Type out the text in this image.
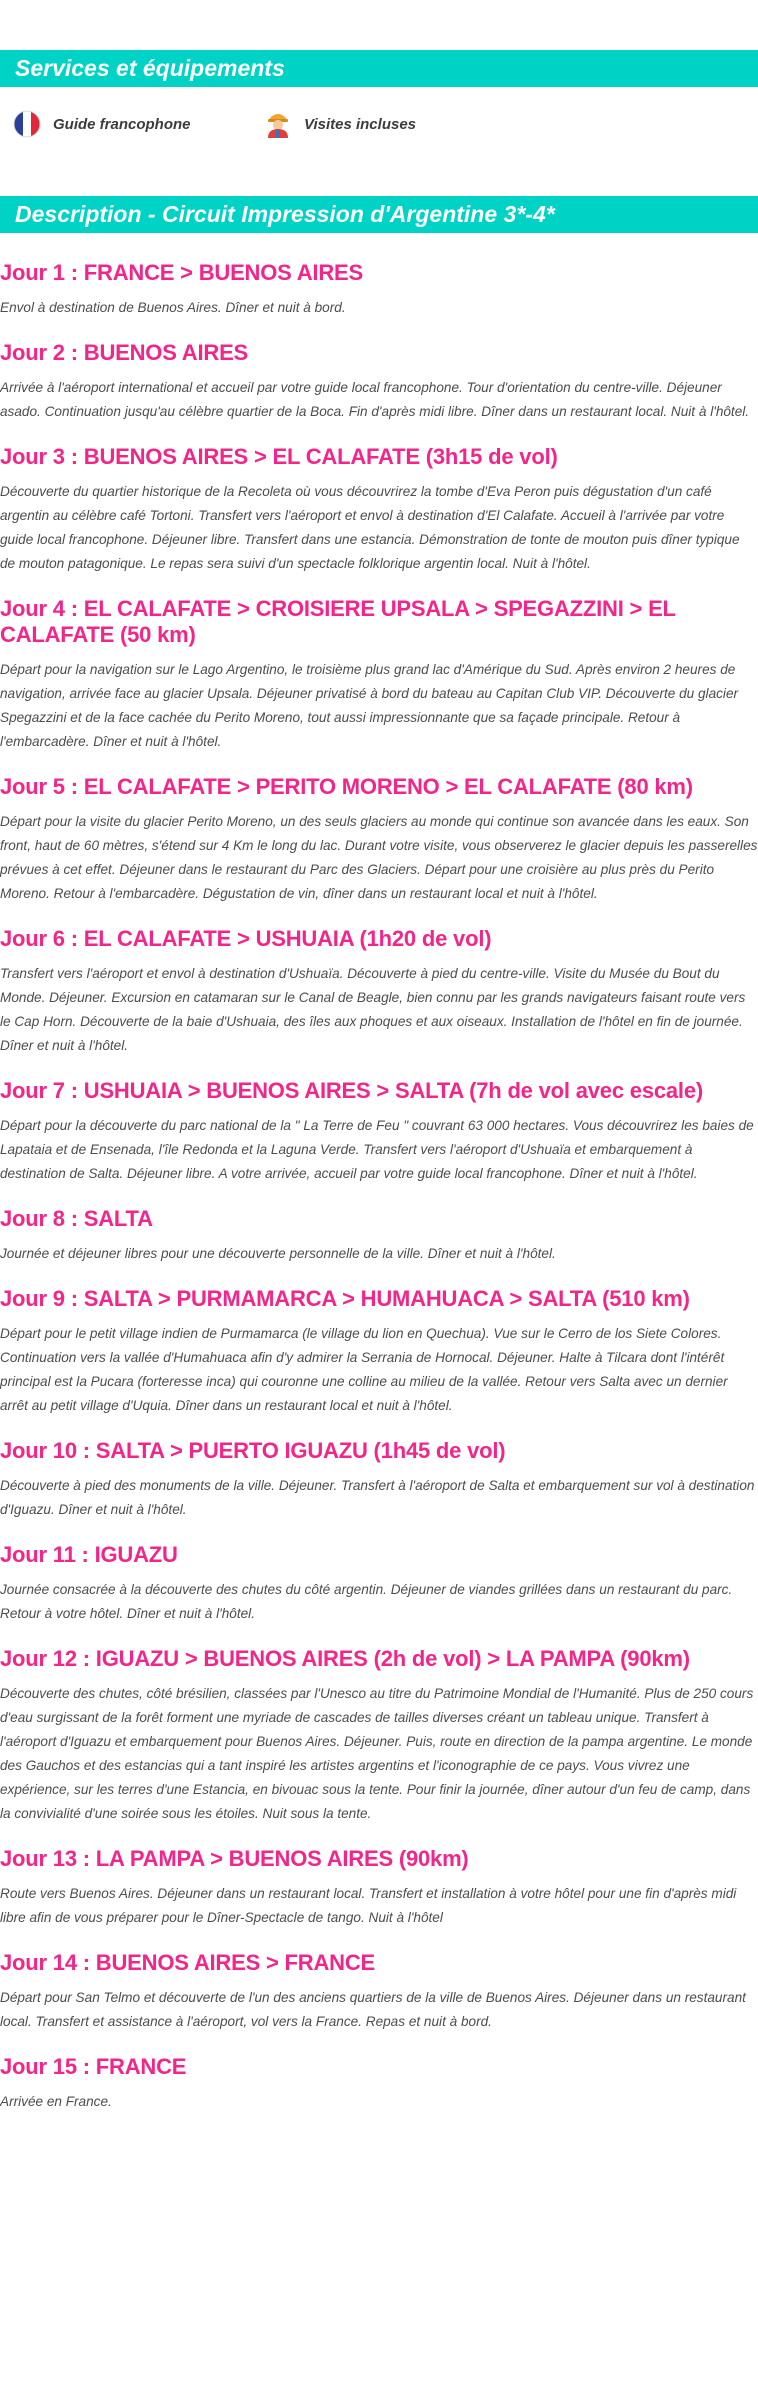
Services et équipements
Guide francophone	Visites incluses
Description - Circuit Impression d'Argentine 3*-4*
Jour 1 : FRANCE > BUENOS AIRES

Envol à destination de Buenos Aires. Dîner et nuit à bord.

Jour 2 : BUENOS AIRES

Arrivée à l'aéroport international et accueil par votre guide local francophone. Tour d'orientation du centre-ville. Déjeuner asado. Continuation jusqu'au célèbre quartier de la Boca. Fin d'après midi libre. Dîner dans un restaurant local. Nuit à l'hôtel.

Jour 3 : BUENOS AIRES > EL CALAFATE (3h15 de vol)

Découverte du quartier historique de la Recoleta où vous découvrirez la tombe d'Eva Peron puis dégustation d'un café argentin au célèbre café Tortoni. Transfert vers l'aéroport et envol à destination d'El Calafate. Accueil à l'arrivée par votre guide local francophone. Déjeuner libre. Transfert dans une estancia. Démonstration de tonte de mouton puis dîner typique de mouton patagonique. Le repas sera suivi d'un spectacle folklorique argentin local. Nuit à l'hôtel.

Jour 4 : EL CALAFATE > CROISIERE UPSALA > SPEGAZZINI > EL CALAFATE (50 km)

Départ pour la navigation sur le Lago Argentino, le troisième plus grand lac d'Amérique du Sud. Après environ 2 heures de navigation, arrivée face au glacier Upsala. Déjeuner privatisé à bord du bateau au Capitan Club VIP. Découverte du glacier Spegazzini et de la face cachée du Perito Moreno, tout aussi impressionnante que sa façade principale. Retour à l'embarcadère. Dîner et nuit à l'hôtel.

Jour 5 : EL CALAFATE > PERITO MORENO > EL CALAFATE (80 km)

Départ pour la visite du glacier Perito Moreno, un des seuls glaciers au monde qui continue son avancée dans les eaux. Son front, haut de 60 mètres, s'étend sur 4 Km le long du lac. Durant votre visite, vous observerez le glacier depuis les passerelles prévues à cet effet. Déjeuner dans le restaurant du Parc des Glaciers. Départ pour une croisière au plus près du Perito Moreno. Retour à l'embarcadère. Dégustation de vin, dîner dans un restaurant local et nuit à l'hôtel.

Jour 6 : EL CALAFATE > USHUAIA (1h20 de vol)

Transfert vers l'aéroport et envol à destination d'Ushuaïa. Découverte à pied du centre-ville. Visite du Musée du Bout du Monde. Déjeuner. Excursion en catamaran sur le Canal de Beagle, bien connu par les grands navigateurs faisant route vers le Cap Horn. Découverte de la baie d'Ushuaia, des îles aux phoques et aux oiseaux. Installation de l'hôtel en fin de journée. Dîner et nuit à l'hôtel.

Jour 7 : USHUAIA > BUENOS AIRES > SALTA (7h de vol avec escale)

Départ pour la découverte du parc national de la " La Terre de Feu " couvrant 63 000 hectares. Vous découvrirez les baies de Lapataia et de Ensenada, l'île Redonda et la Laguna Verde. Transfert vers l'aéroport d'Ushuaïa et embarquement à destination de Salta. Déjeuner libre. A votre arrivée, accueil par votre guide local francophone. Dîner et nuit à l'hôtel.

Jour 8 : SALTA

Journée et déjeuner libres pour une découverte personnelle de la ville. Dîner et nuit à l'hôtel.

Jour 9 : SALTA > PURMAMARCA > HUMAHUACA > SALTA (510 km)

Départ pour le petit village indien de Purmamarca (le village du lion en Quechua). Vue sur le Cerro de los Siete Colores. Continuation vers la vallée d'Humahuaca afin d'y admirer la Serrania de Hornocal. Déjeuner. Halte à Tilcara dont l'intérêt principal est la Pucara (forteresse inca) qui couronne une colline au milieu de la vallée. Retour vers Salta avec un dernier arrêt au petit village d'Uquia. Dîner dans un restaurant local et nuit à l'hôtel.

Jour 10 : SALTA > PUERTO IGUAZU (1h45 de vol)

Découverte à pied des monuments de la ville. Déjeuner. Transfert à l'aéroport de Salta et embarquement sur vol à destination d'Iguazu. Dîner et nuit à l'hôtel.

Jour 11 : IGUAZU

Journée consacrée à la découverte des chutes du côté argentin. Déjeuner de viandes grillées dans un restaurant du parc. Retour à votre hôtel. Dîner et nuit à l'hôtel.

Jour 12 : IGUAZU > BUENOS AIRES (2h de vol) > LA PAMPA (90km)

Découverte des chutes, côté brésilien, classées par l'Unesco au titre du Patrimoine Mondial de l'Humanité. Plus de 250 cours d'eau surgissant de la forêt forment une myriade de cascades de tailles diverses créant un tableau unique. Transfert à l'aéroport d'Iguazu et embarquement pour Buenos Aires. Déjeuner. Puis, route en direction de la pampa argentine. Le monde des Gauchos et des estancias qui a tant inspiré les artistes argentins et l'iconographie de ce pays. Vous vivrez une expérience, sur les terres d'une Estancia, en bivouac sous la tente. Pour finir la journée, dîner autour d'un feu de camp, dans la convivialité d'une soirée sous les étoiles. Nuit sous la tente.

Jour 13 : LA PAMPA > BUENOS AIRES (90km)

Route vers Buenos Aires. Déjeuner dans un restaurant local. Transfert et installation à votre hôtel pour une fin d'après midi libre afin de vous préparer pour le Dîner-Spectacle de tango. Nuit à l'hôtel

Jour 14 : BUENOS AIRES > FRANCE

Départ pour San Telmo et découverte de l'un des anciens quartiers de la ville de Buenos Aires. Déjeuner dans un restaurant local. Transfert et assistance à l'aéroport, vol vers la France. Repas et nuit à bord.

Jour 15 : FRANCE

Arrivée en France.
